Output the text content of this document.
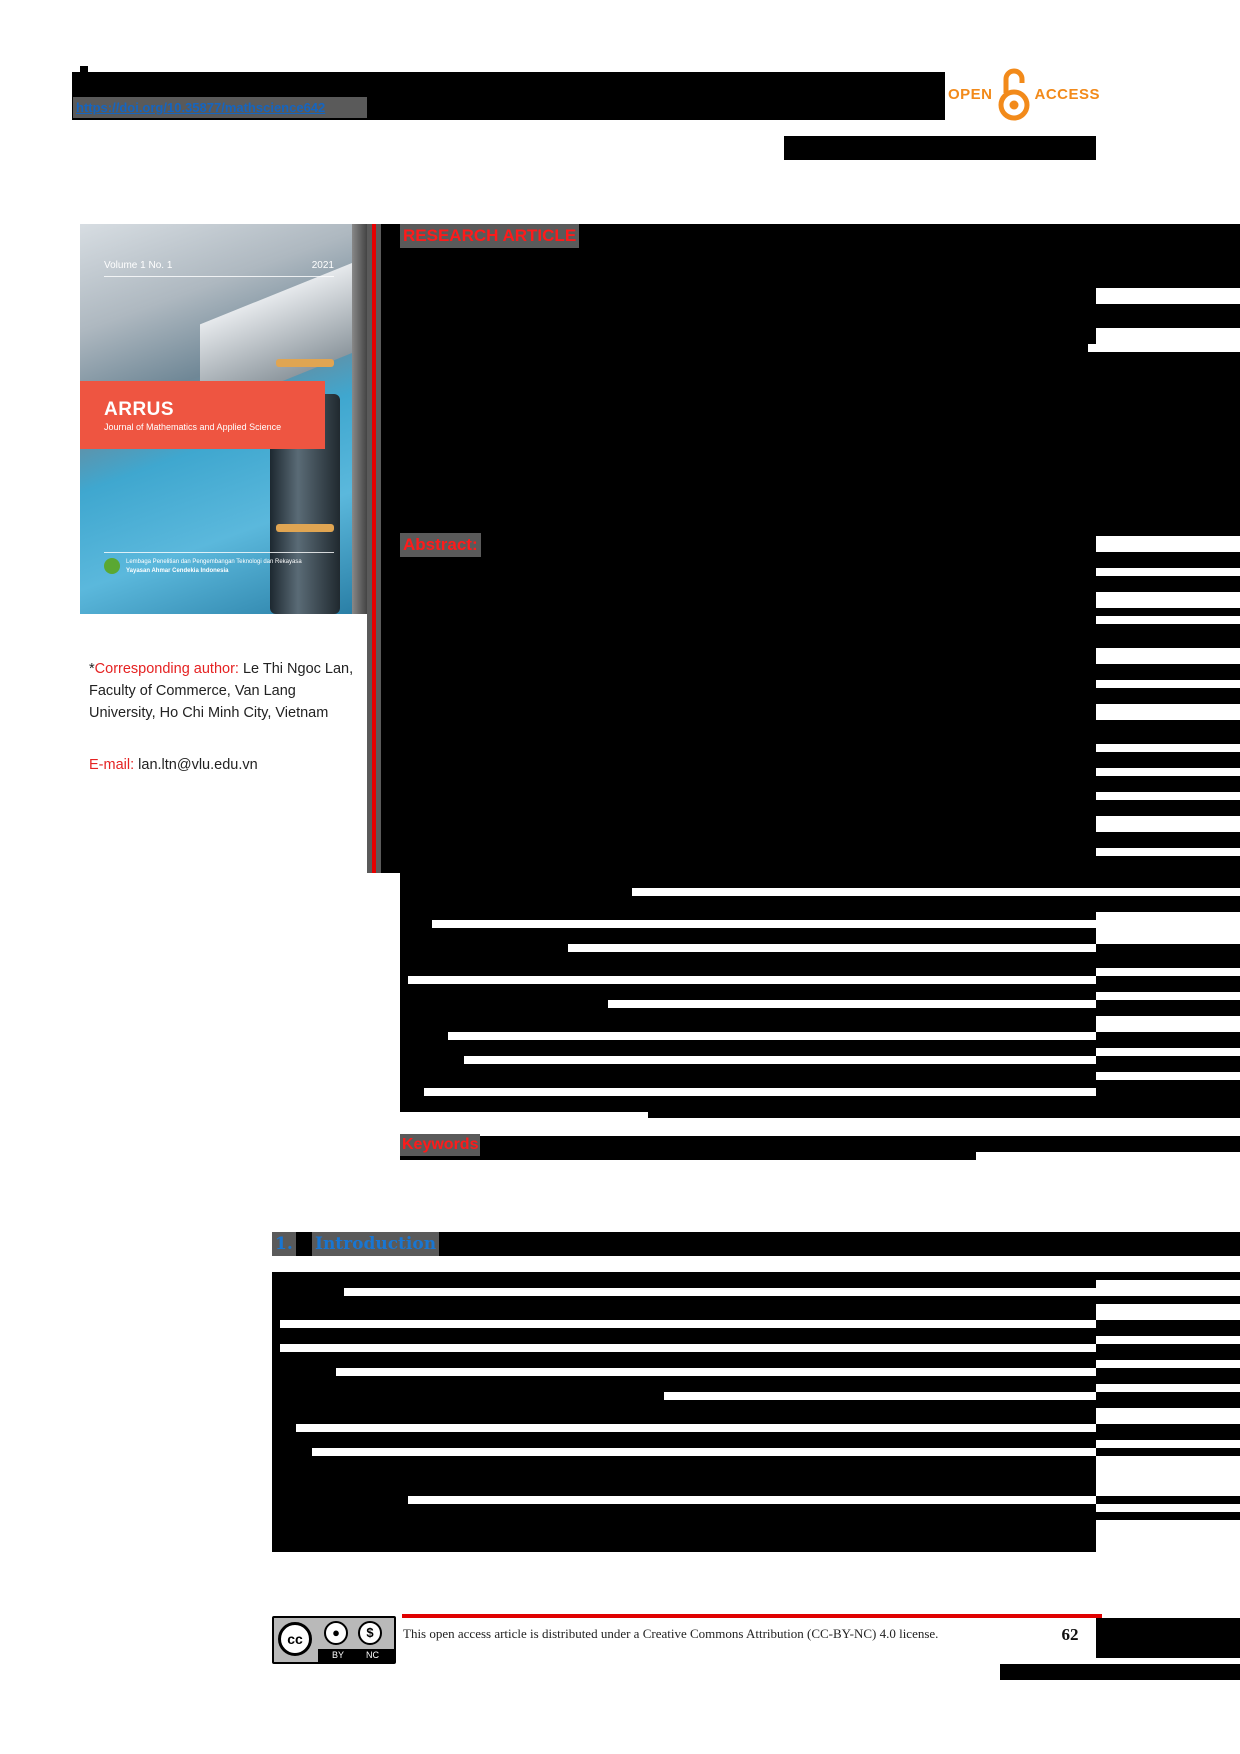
https://doi.org/10.35877/mathscience642
OPEN	ACCESS
Volume 1 No. 1	2021
ARRUS
Journal of Mathematics and Applied Science
Lembaga Penelitian dan Pengembangan Teknologi dan Rekayasa
Yayasan Ahmar Cendekia Indonesia
*Corresponding author: Le Thi Ngoc Lan, Faculty of Commerce, Van Lang University, Ho Chi Minh City, Vietnam
E-mail: lan.ltn@vlu.edu.vn
RESEARCH ARTICLE
Abstract:
Keywords
1. Introduction
cc	●	$
BY NC

This open access article is distributed under a Creative Commons Attribution (CC-BY-NC) 4.0 license.	62
